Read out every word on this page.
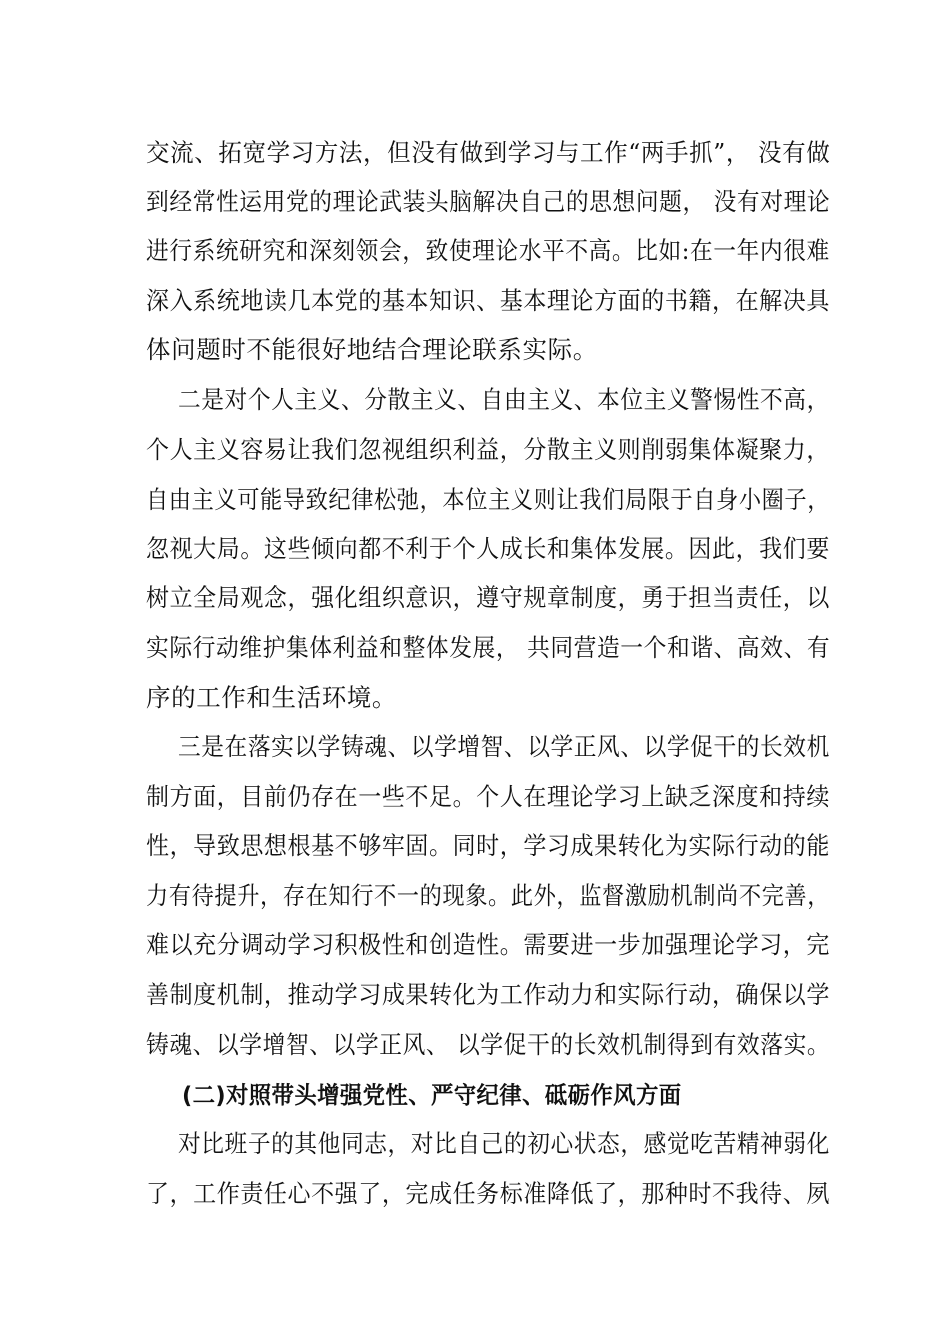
交流、拓宽学习方法，但没有做到学习与工作“两手抓”， 没有做
到经常性运用党的理论武装头脑解决自己的思想问题， 没有对理论
进行系统研究和深刻领会，致使理论水平不高。比如:在一年内很难
深入系统地读几本党的基本知识、基本理论方面的书籍，在解决具
体问题时不能很好地结合理论联系实际。
二是对个人主义、分散主义、自由主义、本位主义警惕性不高，
个人主义容易让我们忽视组织利益，分散主义则削弱集体凝聚力，
自由主义可能导致纪律松弛，本位主义则让我们局限于自身小圈子，
忽视大局。这些倾向都不利于个人成长和集体发展。因此，我们要
树立全局观念，强化组织意识，遵守规章制度，勇于担当责任，以
实际行动维护集体利益和整体发展， 共同营造一个和谐、高效、有
序的工作和生活环境。
三是在落实以学铸魂、以学增智、以学正风、以学促干的长效机
制方面，目前仍存在一些不足。个人在理论学习上缺乏深度和持续
性，导致思想根基不够牢固。同时，学习成果转化为实际行动的能
力有待提升，存在知行不一的现象。此外，监督激励机制尚不完善，
难以充分调动学习积极性和创造性。需要进一步加强理论学习，完
善制度机制，推动学习成果转化为工作动力和实际行动，确保以学
铸魂、以学增智、以学正风、 以学促干的长效机制得到有效落实。
(二)对照带头增强党性、严守纪律、砥砺作风方面
对比班子的其他同志，对比自己的初心状态，感觉吃苦精神弱化
了，工作责任心不强了，完成任务标准降低了，那种时不我待、夙
